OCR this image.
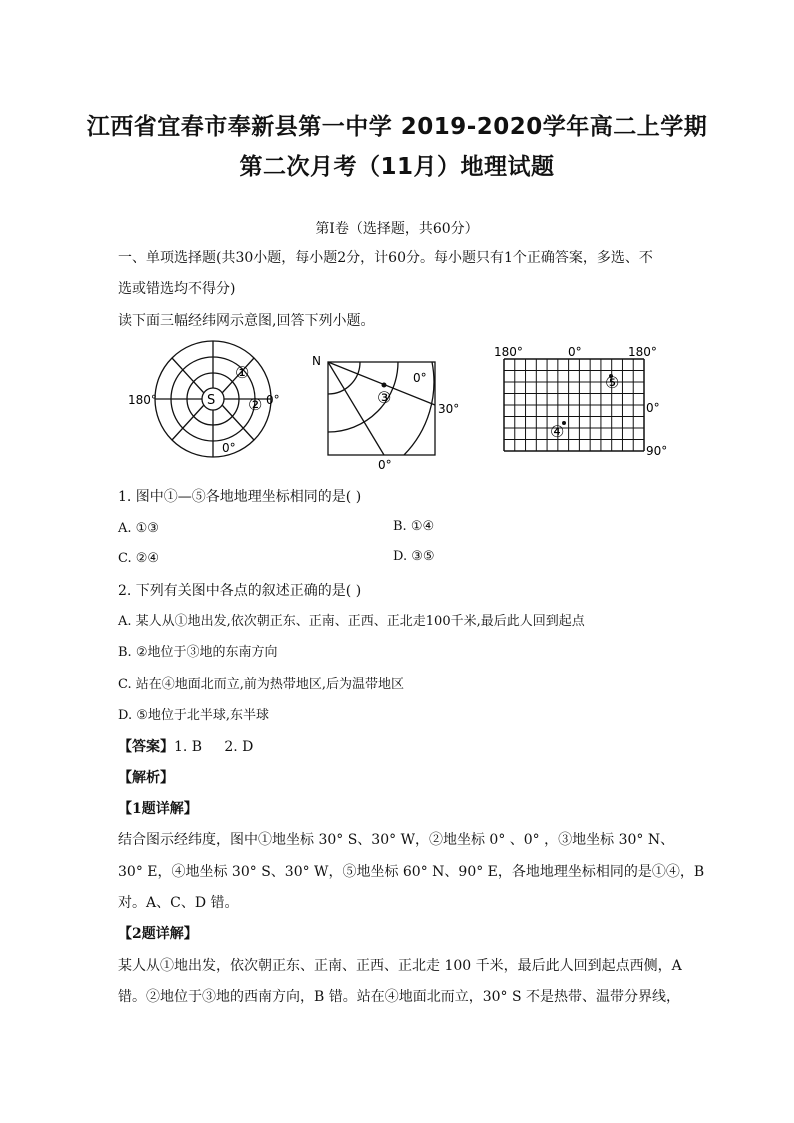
江西省宜春市奉新县第一中学 2019-2020学年高二上学期
第二次月考（11月）地理试题
第Ⅰ卷（选择题，共60分）
一、单项选择题(共30小题，每小题2分，计60分。每小题只有1个正确答案，多选、不
选或错选均不得分)
读下面三幅经纬网示意图,回答下列小题。
S
180°	0°
0°
①
②
N
0°
30°
0°
③
180°	0°	180°
0°
90°
⑤
④
1. 图中①—⑤各地地理坐标相同的是( )
A. ①③	B. ①④
C. ②④	D. ③⑤
2. 下列有关图中各点的叙述正确的是( )
A. 某人从①地出发,依次朝正东、正南、正西、正北走100千米,最后此人回到起点
B. ②地位于③地的东南方向
C. 站在④地面北而立,前为热带地区,后为温带地区
D. ⑤地位于北半球,东半球
【答案】1. B     2. D
【解析】
【1题详解】
结合图示经纬度，图中①地坐标 30° S、30° W，②地坐标 0° 、0° ，③地坐标 30° N、
30° E，④地坐标 30° S、30° W，⑤地坐标 60° N、90° E，各地地理坐标相同的是①④，B
对。A、C、D 错。
【2题详解】
某人从①地出发，依次朝正东、正南、正西、正北走 100 千米，最后此人回到起点西侧，A
错。②地位于③地的西南方向，B 错。站在④地面北而立，30° S 不是热带、温带分界线，
